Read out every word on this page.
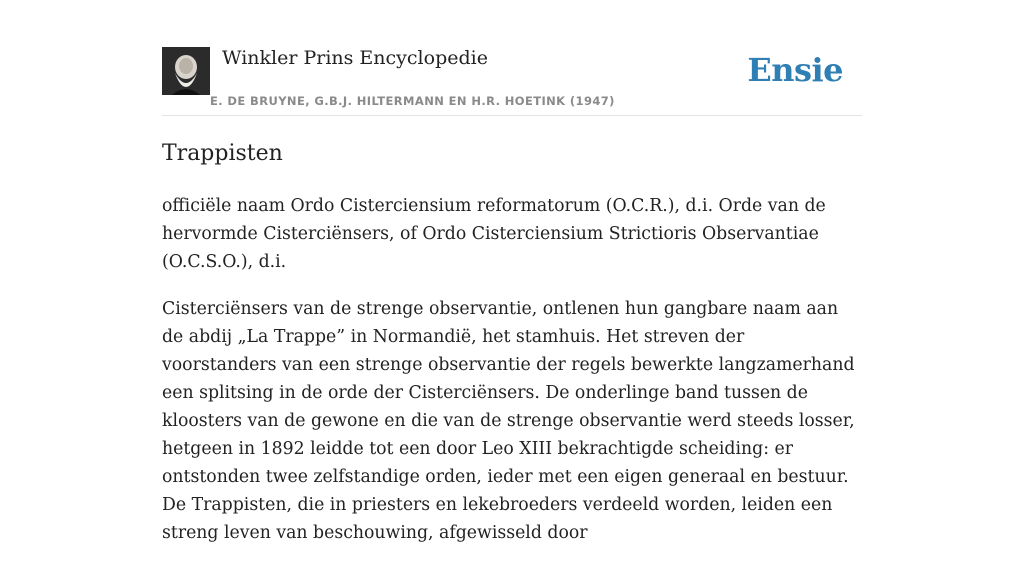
Winkler Prins Encyclopedie
E. DE BRUYNE, G.B.J. HILTERMANN EN H.R. HOETINK (1947)
Ensie
Trappisten

officiële naam Ordo Cisterciensium reformatorum (O.C.R.), d.i. Orde van de hervormde Cisterciënsers, of Ordo Cisterciensium Strictioris Observantiae (O.C.S.O.), d.i.

Cisterciënsers van de strenge observantie, ontlenen hun gangbare naam aan de abdij „La Trappe” in Normandië, het stamhuis. Het streven der voorstanders van een strenge observantie der regels bewerkte langzamerhand een splitsing in de orde der Cisterciënsers. De onderlinge band tussen de kloosters van de gewone en die van de strenge observantie werd steeds losser, hetgeen in 1892 leidde tot een door Leo XIII bekrachtigde scheiding: er ontstonden twee zelfstandige orden, ieder met een eigen generaal en bestuur. De Trappisten, die in priesters en lekebroeders verdeeld worden, leiden een streng leven van beschouwing, afgewisseld door
